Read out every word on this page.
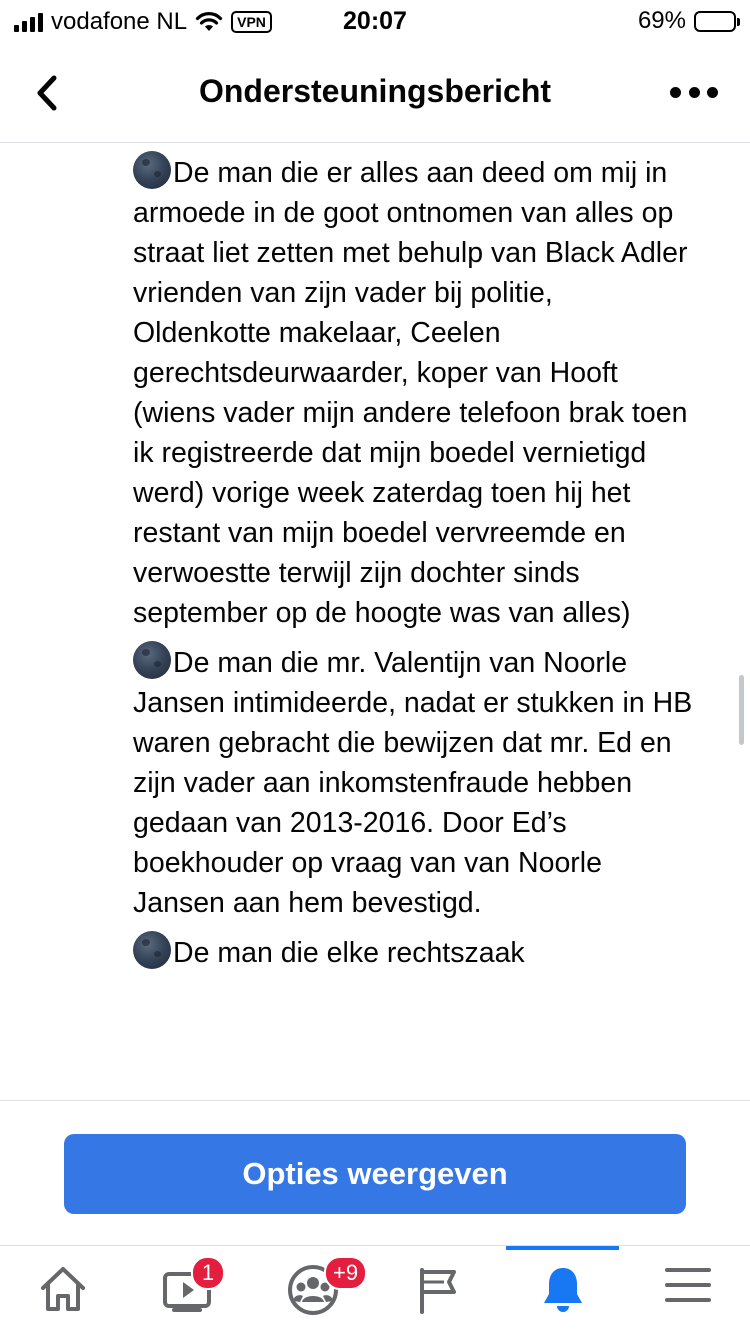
vodafone NL	VPN	20:07	69%
Ondersteuningsbericht

De man die er alles aan deed om mij in armoede in de goot ontnomen van alles op straat liet zetten met behulp van Black Adler vrienden van zijn vader bij politie, Oldenkotte makelaar, Ceelen gerechtsdeurwaarder, koper van Hooft (wiens vader mijn andere telefoon brak toen ik registreerde dat mijn boedel vernietigd werd) vorige week zaterdag toen hij het restant van mijn boedel vervreemde en verwoestte terwijl zijn dochter sinds september op de hoogte was van alles)

De man die mr. Valentijn van Noorle Jansen intimideerde, nadat er stukken in HB waren gebracht die bewijzen dat mr. Ed en zijn vader aan inkomstenfraude hebben gedaan van 2013-2016. Door Ed’s boekhouder op vraag van van Noorle Jansen aan hem bevestigd.

De man die elke rechtszaak

Opties weergeven
1	+9
